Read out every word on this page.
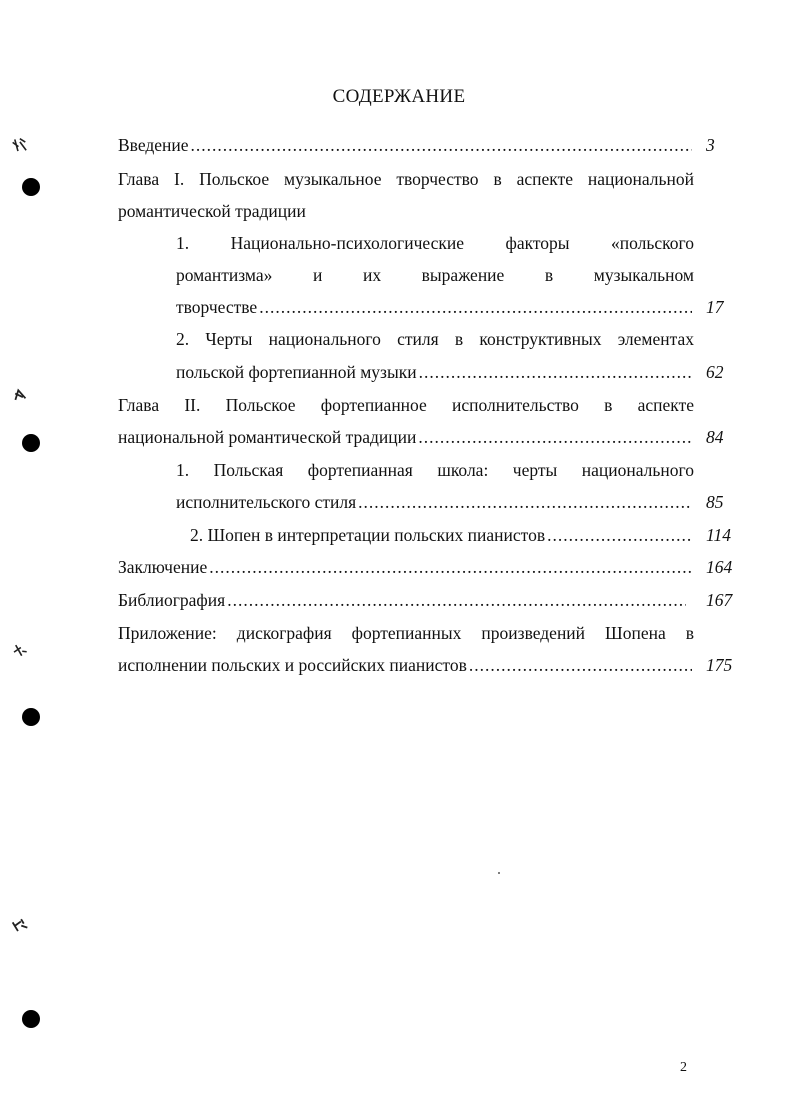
СОДЕРЖАНИЕ
Введение .....	3
Глава I. Польское музыкальное творчество в аспекте национальной
романтической традиции
1. Национально-психологические факторы «польского
романтизма» и их выражение в музыкальном
творчестве .....	17
2. Черты национального стиля в конструктивных элементах
польской фортепианной музыки .....	62
Глава II. Польское фортепианное исполнительство в аспекте
национальной романтической традиции .....	84
1. Польская фортепианная школа: черты национального
исполнительского стиля .....	85
2. Шопен в интерпретации польских пианистов .....	114
Заключение .....	164
Библиография .....	167
Приложение: дискография фортепианных произведений Шопена в
исполнении польских и российских пианистов .....	175
2
